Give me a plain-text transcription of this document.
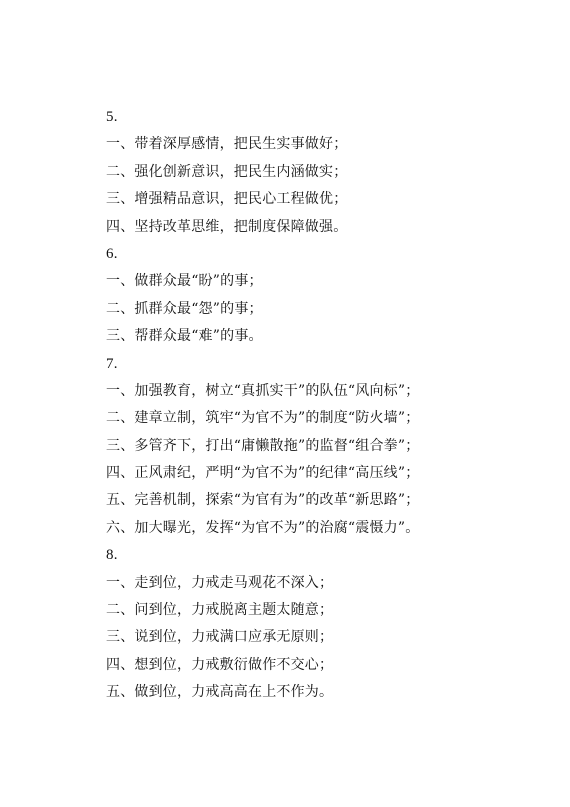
5.
一、带着深厚感情，把民生实事做好；
二、强化创新意识，把民生内涵做实；
三、增强精品意识，把民心工程做优；
四、坚持改革思维，把制度保障做强。
6.
一、做群众最“盼”的事；
二、抓群众最“怨”的事；
三、帮群众最“难”的事。
7.
一、加强教育，树立“真抓实干”的队伍“风向标”；
二、建章立制，筑牢“为官不为”的制度“防火墙”；
三、多管齐下，打出“庸懒散拖”的监督“组合拳”；
四、正风肃纪，严明“为官不为”的纪律“高压线”；
五、完善机制，探索“为官有为”的改革“新思路”；
六、加大曝光，发挥“为官不为”的治腐“震慑力”。
8.
一、走到位，力戒走马观花不深入；
二、问到位，力戒脱离主题太随意；
三、说到位，力戒满口应承无原则；
四、想到位，力戒敷衍做作不交心；
五、做到位，力戒高高在上不作为。
